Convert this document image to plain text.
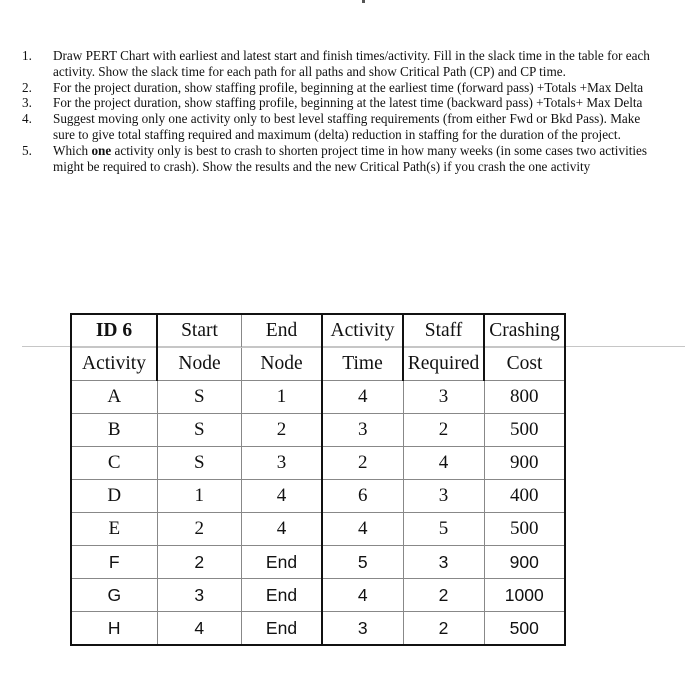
1.	Draw PERT Chart with earliest and latest start and finish times/activity. Fill in the slack time in the table for each activity. Show the slack time for each path for all paths and show Critical Path (CP) and CP time.
2.	For the project duration, show staffing profile, beginning at the earliest time (forward pass) +Totals +Max Delta
3.	For the project duration, show staffing profile, beginning at the latest time (backward pass) +Totals+ Max Delta
4.	Suggest moving only one activity only to best level staffing requirements (from either Fwd or Bkd Pass). Make sure to give total staffing required and maximum (delta) reduction in staffing for the duration of the project.
5.	Which one activity only is best to crash to shorten project time in how many weeks (in some cases two activities might be required to crash). Show the results and the new Critical Path(s) if you crash the one activity
ID 6	Start	End	Activity	Staff	Crashing
Activity	Node	Node	Time	Required	Cost
A	S	1	4	3	800
B	S	2	3	2	500
C	S	3	2	4	900
D	1	4	6	3	400
E	2	4	4	5	500
F	2	End	5	3	900
G	3	End	4	2	1000
H	4	End	3	2	500
